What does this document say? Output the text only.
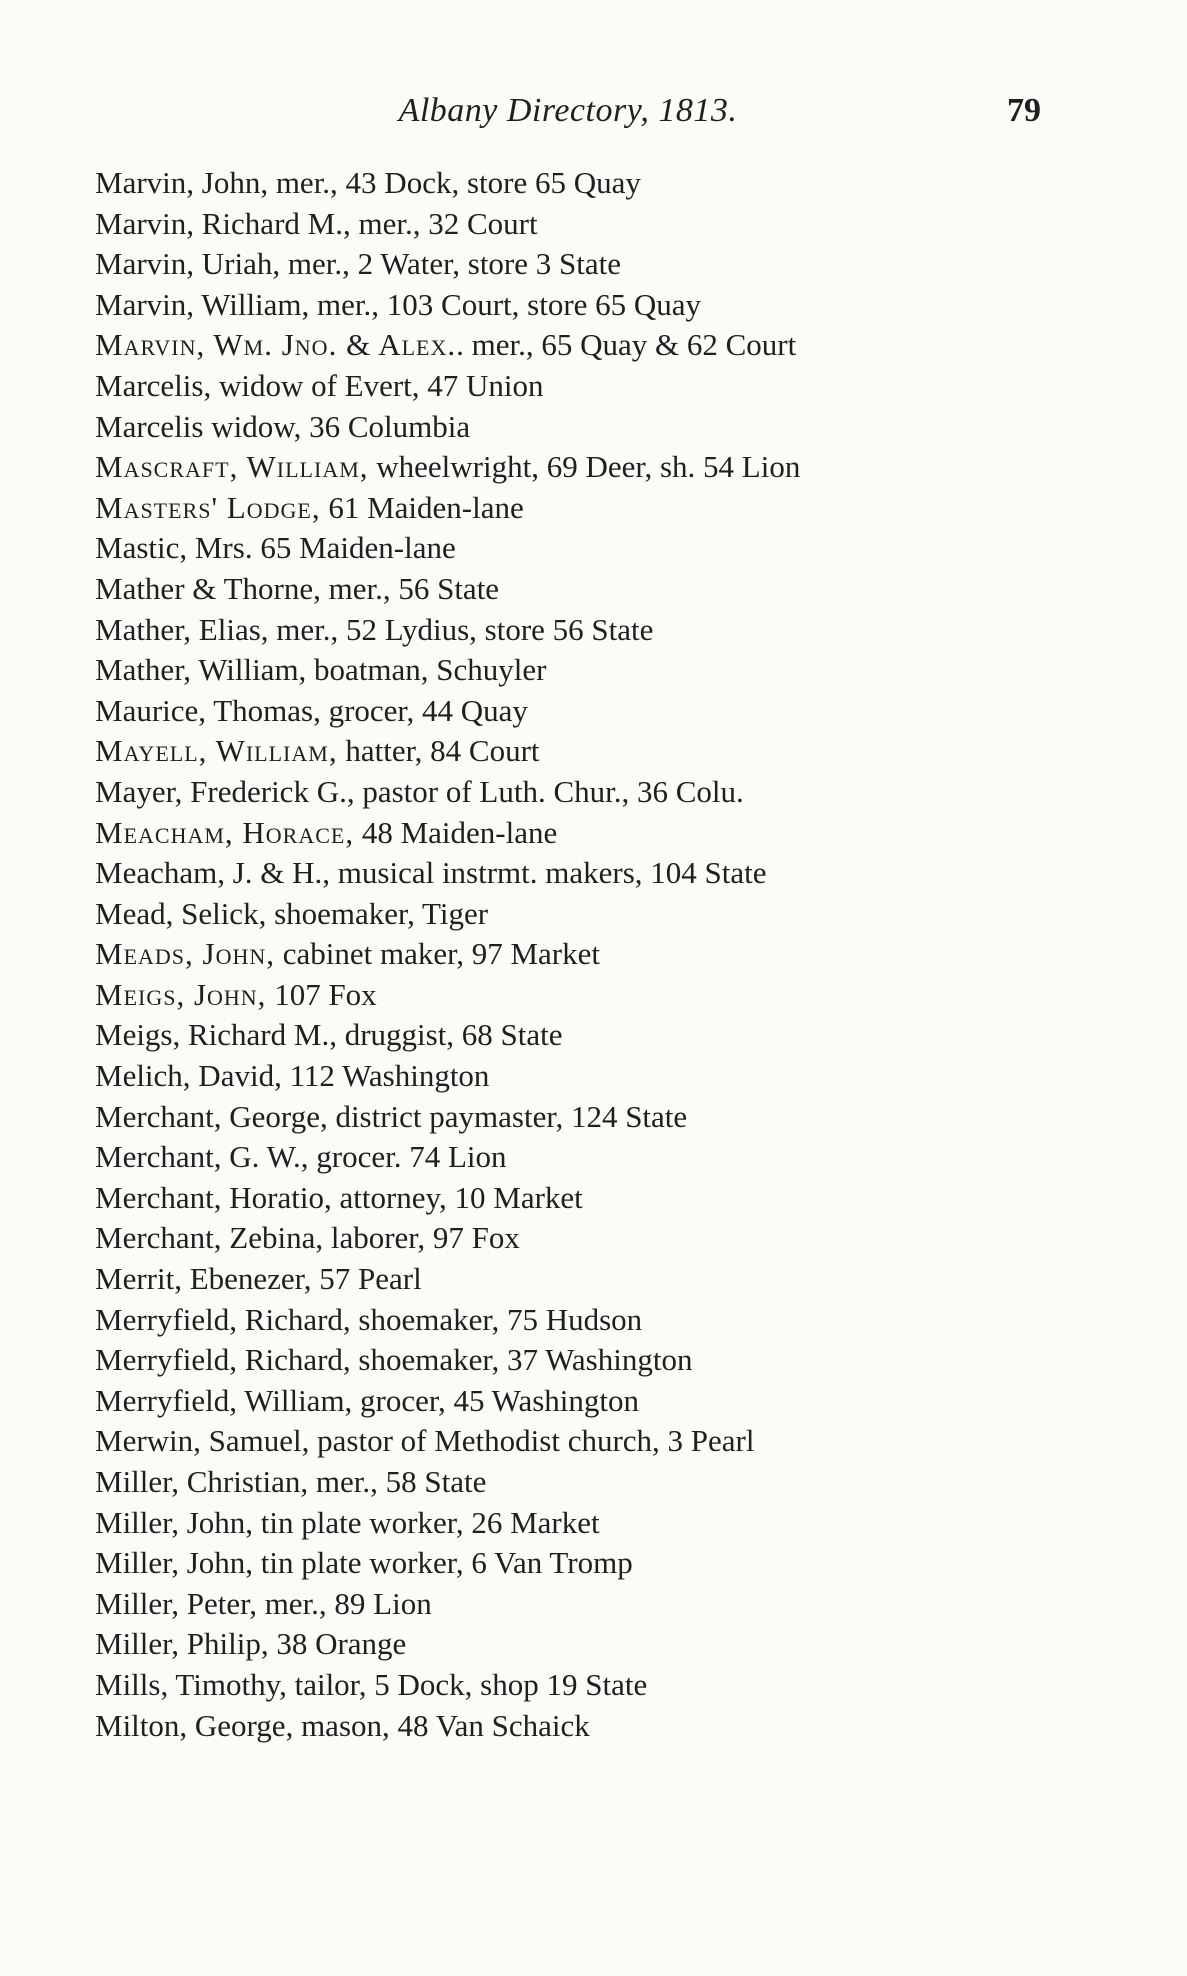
Albany Directory, 1813.	79
Marvin, John, mer., 43 Dock, store 65 Quay
Marvin, Richard M., mer., 32 Court
Marvin, Uriah, mer., 2 Water, store 3 State
Marvin, William, mer., 103 Court, store 65 Quay
Marvin, Wm. Jno. & Alex.. mer., 65 Quay & 62 Court
Marcelis, widow of Evert, 47 Union
Marcelis widow, 36 Columbia
Mascraft, William, wheelwright, 69 Deer, sh. 54 Lion
Masters' Lodge, 61 Maiden-lane
Mastic, Mrs. 65 Maiden-lane
Mather & Thorne, mer., 56 State
Mather, Elias, mer., 52 Lydius, store 56 State
Mather, William, boatman, Schuyler
Maurice, Thomas, grocer, 44 Quay
Mayell, William, hatter, 84 Court
Mayer, Frederick G., pastor of Luth. Chur., 36 Colu.
Meacham, Horace, 48 Maiden-lane
Meacham, J. & H., musical instrmt. makers, 104 State
Mead, Selick, shoemaker, Tiger
Meads, John, cabinet maker, 97 Market
Meigs, John, 107 Fox
Meigs, Richard M., druggist, 68 State
Melich, David, 112 Washington
Merchant, George, district paymaster, 124 State
Merchant, G. W., grocer. 74 Lion
Merchant, Horatio, attorney, 10 Market
Merchant, Zebina, laborer, 97 Fox
Merrit, Ebenezer, 57 Pearl
Merryfield, Richard, shoemaker, 75 Hudson
Merryfield, Richard, shoemaker, 37 Washington
Merryfield, William, grocer, 45 Washington
Merwin, Samuel, pastor of Methodist church, 3 Pearl
Miller, Christian, mer., 58 State
Miller, John, tin plate worker, 26 Market
Miller, John, tin plate worker, 6 Van Tromp
Miller, Peter, mer., 89 Lion
Miller, Philip, 38 Orange
Mills, Timothy, tailor, 5 Dock, shop 19 State
Milton, George, mason, 48 Van Schaick
